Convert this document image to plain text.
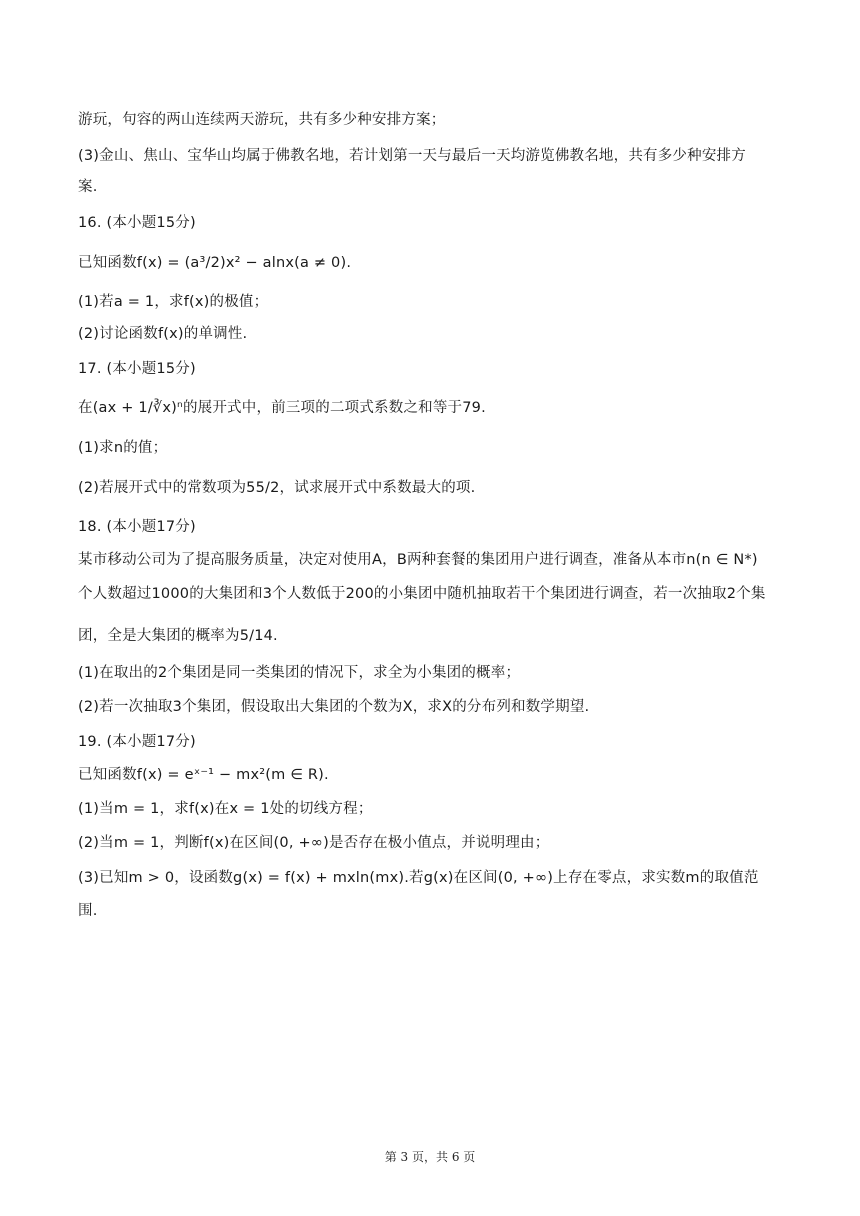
游玩，句容的两山连续两天游玩，共有多少种安排方案；
(3)金山、焦山、宝华山均属于佛教名地，若计划第一天与最后一天均游览佛教名地，共有多少种安排方
案.
16. (本小题15分)
已知函数f(x) = (a³/2)x² − alnx(a ≠ 0).
(1)若a = 1，求f(x)的极值；
(2)讨论函数f(x)的单调性.
17. (本小题15分)
在(ax + 1/∛x)ⁿ的展开式中，前三项的二项式系数之和等于79.
(1)求n的值；
(2)若展开式中的常数项为55/2，试求展开式中系数最大的项.
18. (本小题17分)
某市移动公司为了提高服务质量，决定对使用A，B两种套餐的集团用户进行调查，准备从本市n(n ∈ N*)
个人数超过1000的大集团和3个人数低于200的小集团中随机抽取若干个集团进行调查，若一次抽取2个集
团，全是大集团的概率为5/14.
(1)在取出的2个集团是同一类集团的情况下，求全为小集团的概率；
(2)若一次抽取3个集团，假设取出大集团的个数为X，求X的分布列和数学期望.
19. (本小题17分)
已知函数f(x) = eˣ⁻¹ − mx²(m ∈ R).
(1)当m = 1，求f(x)在x = 1处的切线方程；
(2)当m = 1，判断f(x)在区间(0, +∞)是否存在极小值点，并说明理由；
(3)已知m > 0，设函数g(x) = f(x) + mxln(mx).若g(x)在区间(0, +∞)上存在零点，求实数m的取值范
围.
第 3 页，共 6 页
